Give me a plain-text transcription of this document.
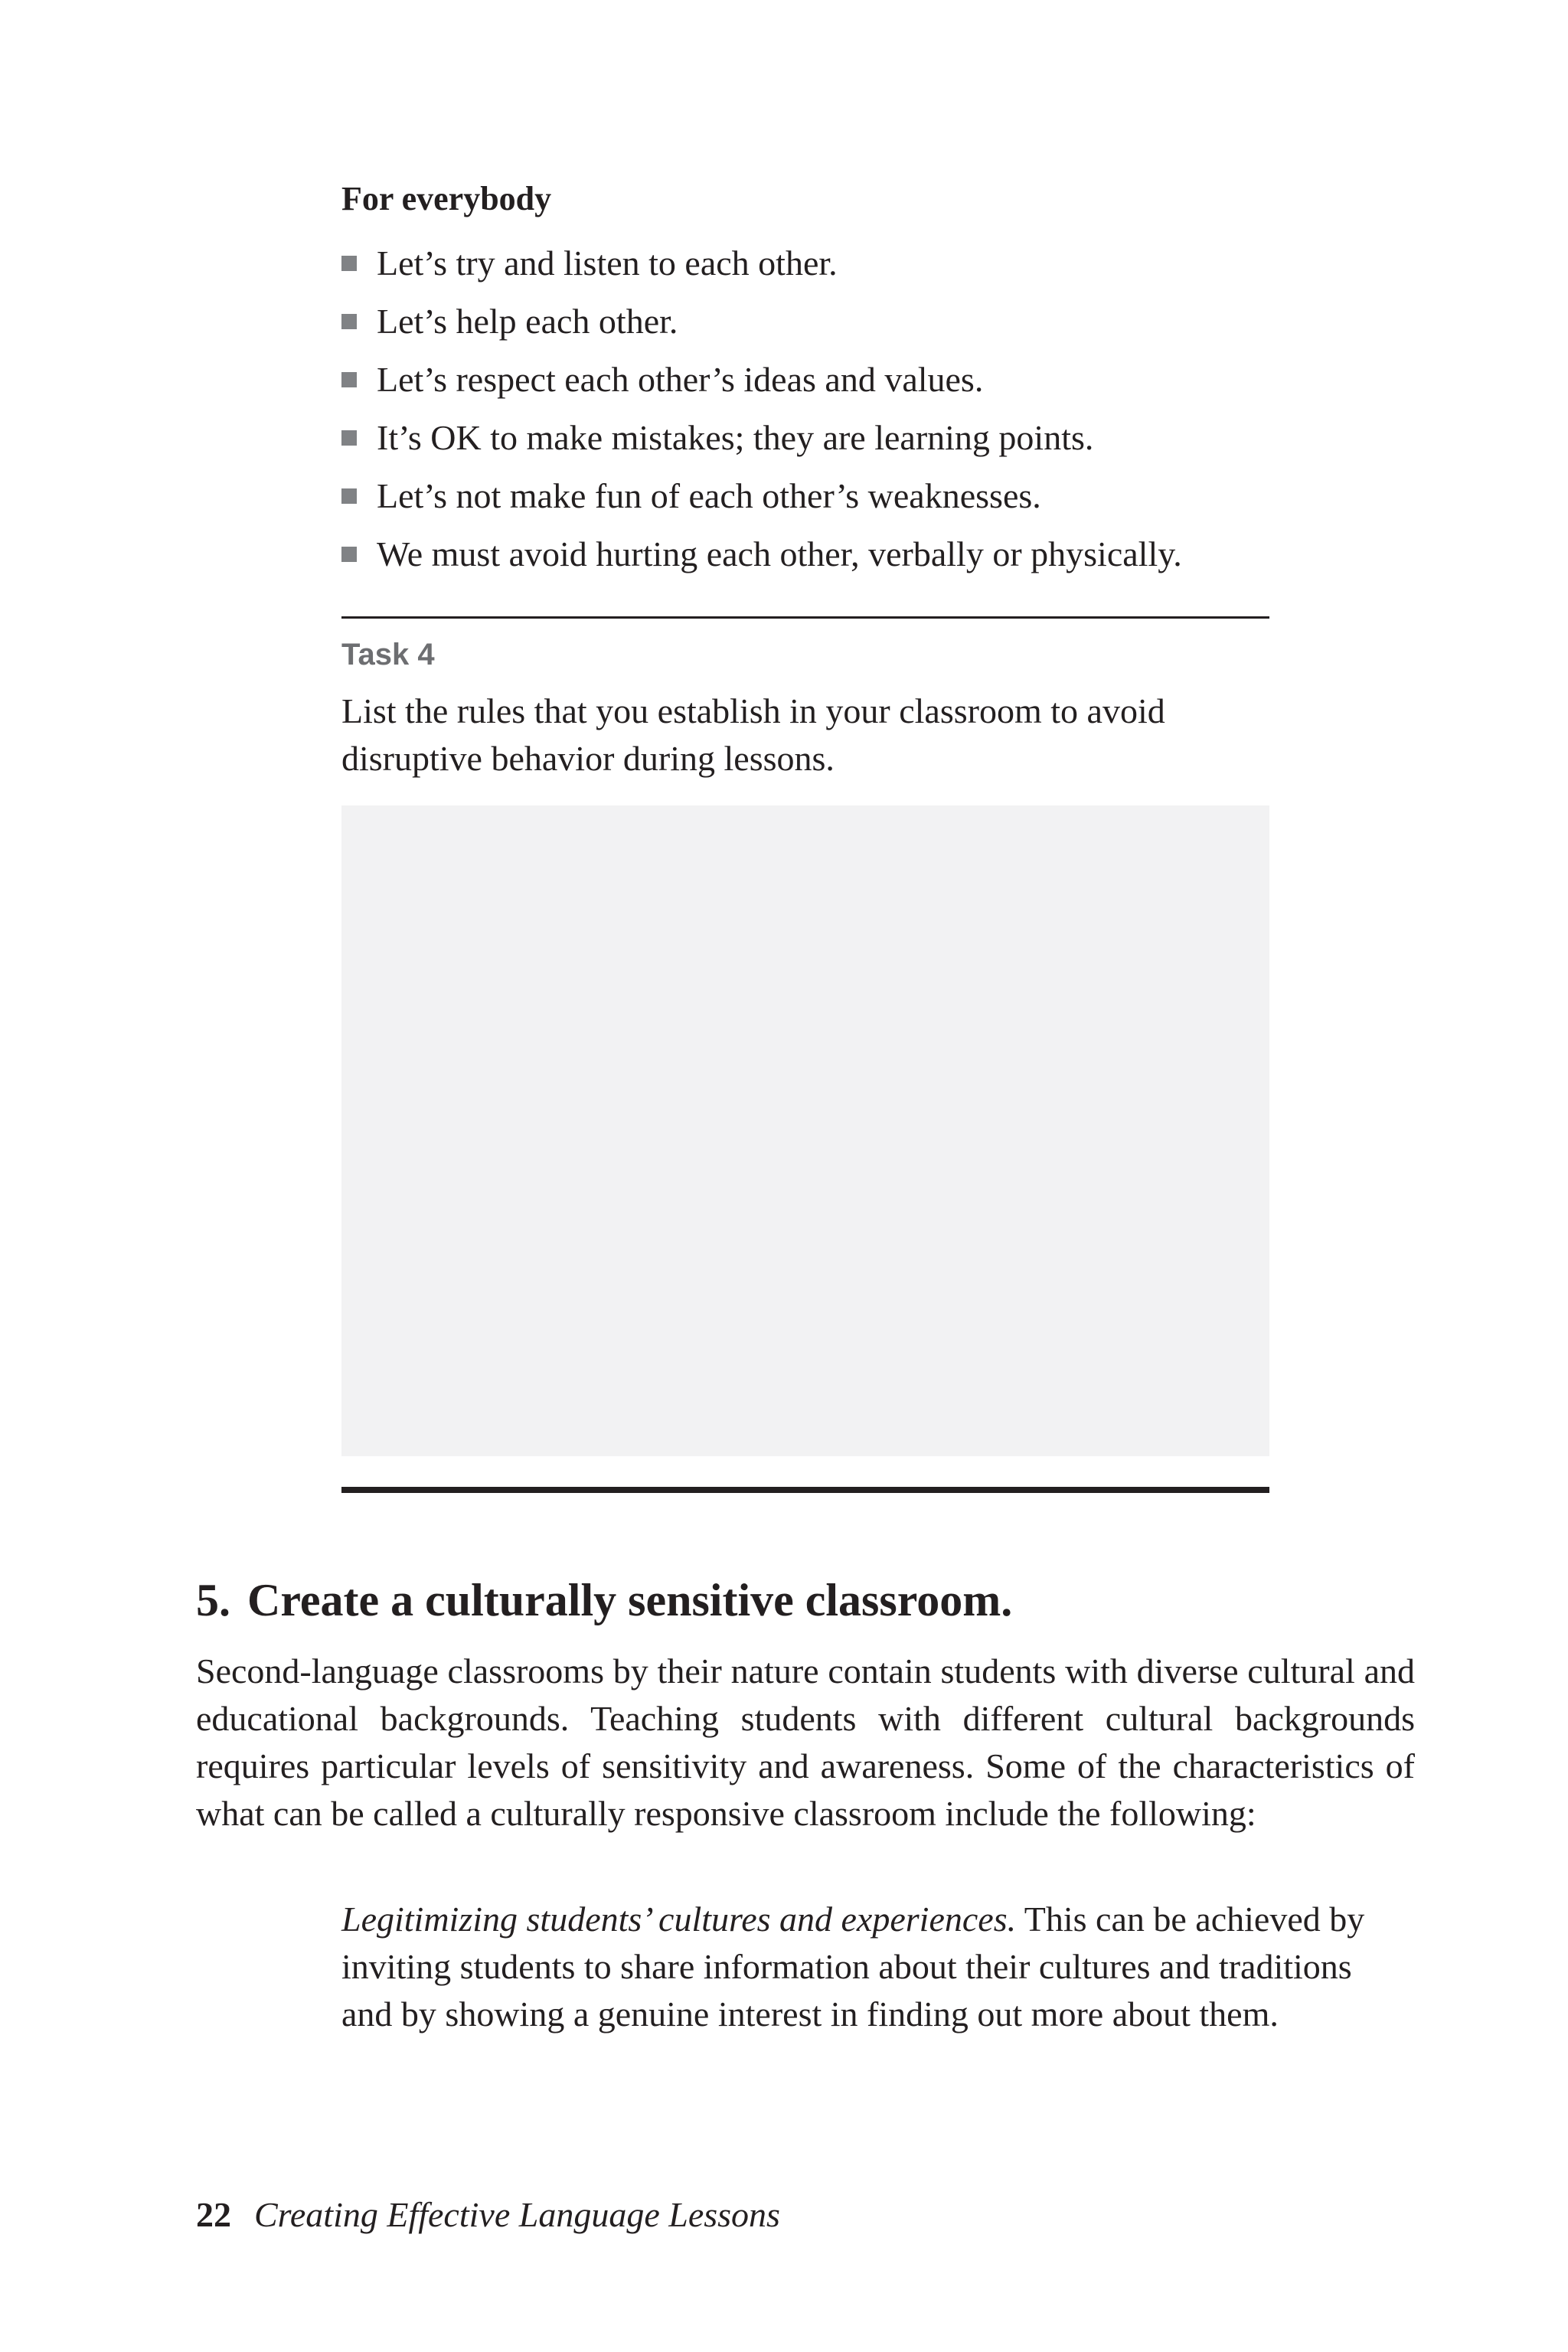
For everybody
Let’s try and listen to each other.
Let’s help each other.
Let’s respect each other’s ideas and values.
It’s OK to make mistakes; they are learning points.
Let’s not make fun of each other’s weaknesses.
We must avoid hurting each other, verbally or physically.
Task 4

List the rules that you establish in your classroom to avoid disruptive behavior during lessons.

5. Create a culturally sensitive classroom.

Second-language classrooms by their nature contain students with diverse cultural and educational backgrounds. Teaching students with different cultural backgrounds requires particular levels of sensitivity and awareness. Some of the characteristics of what can be called a culturally responsive classroom include the following:

Legitimizing students’ cultures and experiences. This can be achieved by inviting students to share information about their cultures and traditions and by showing a genuine interest in finding out more about them.

22 Creating Effective Language Lessons
